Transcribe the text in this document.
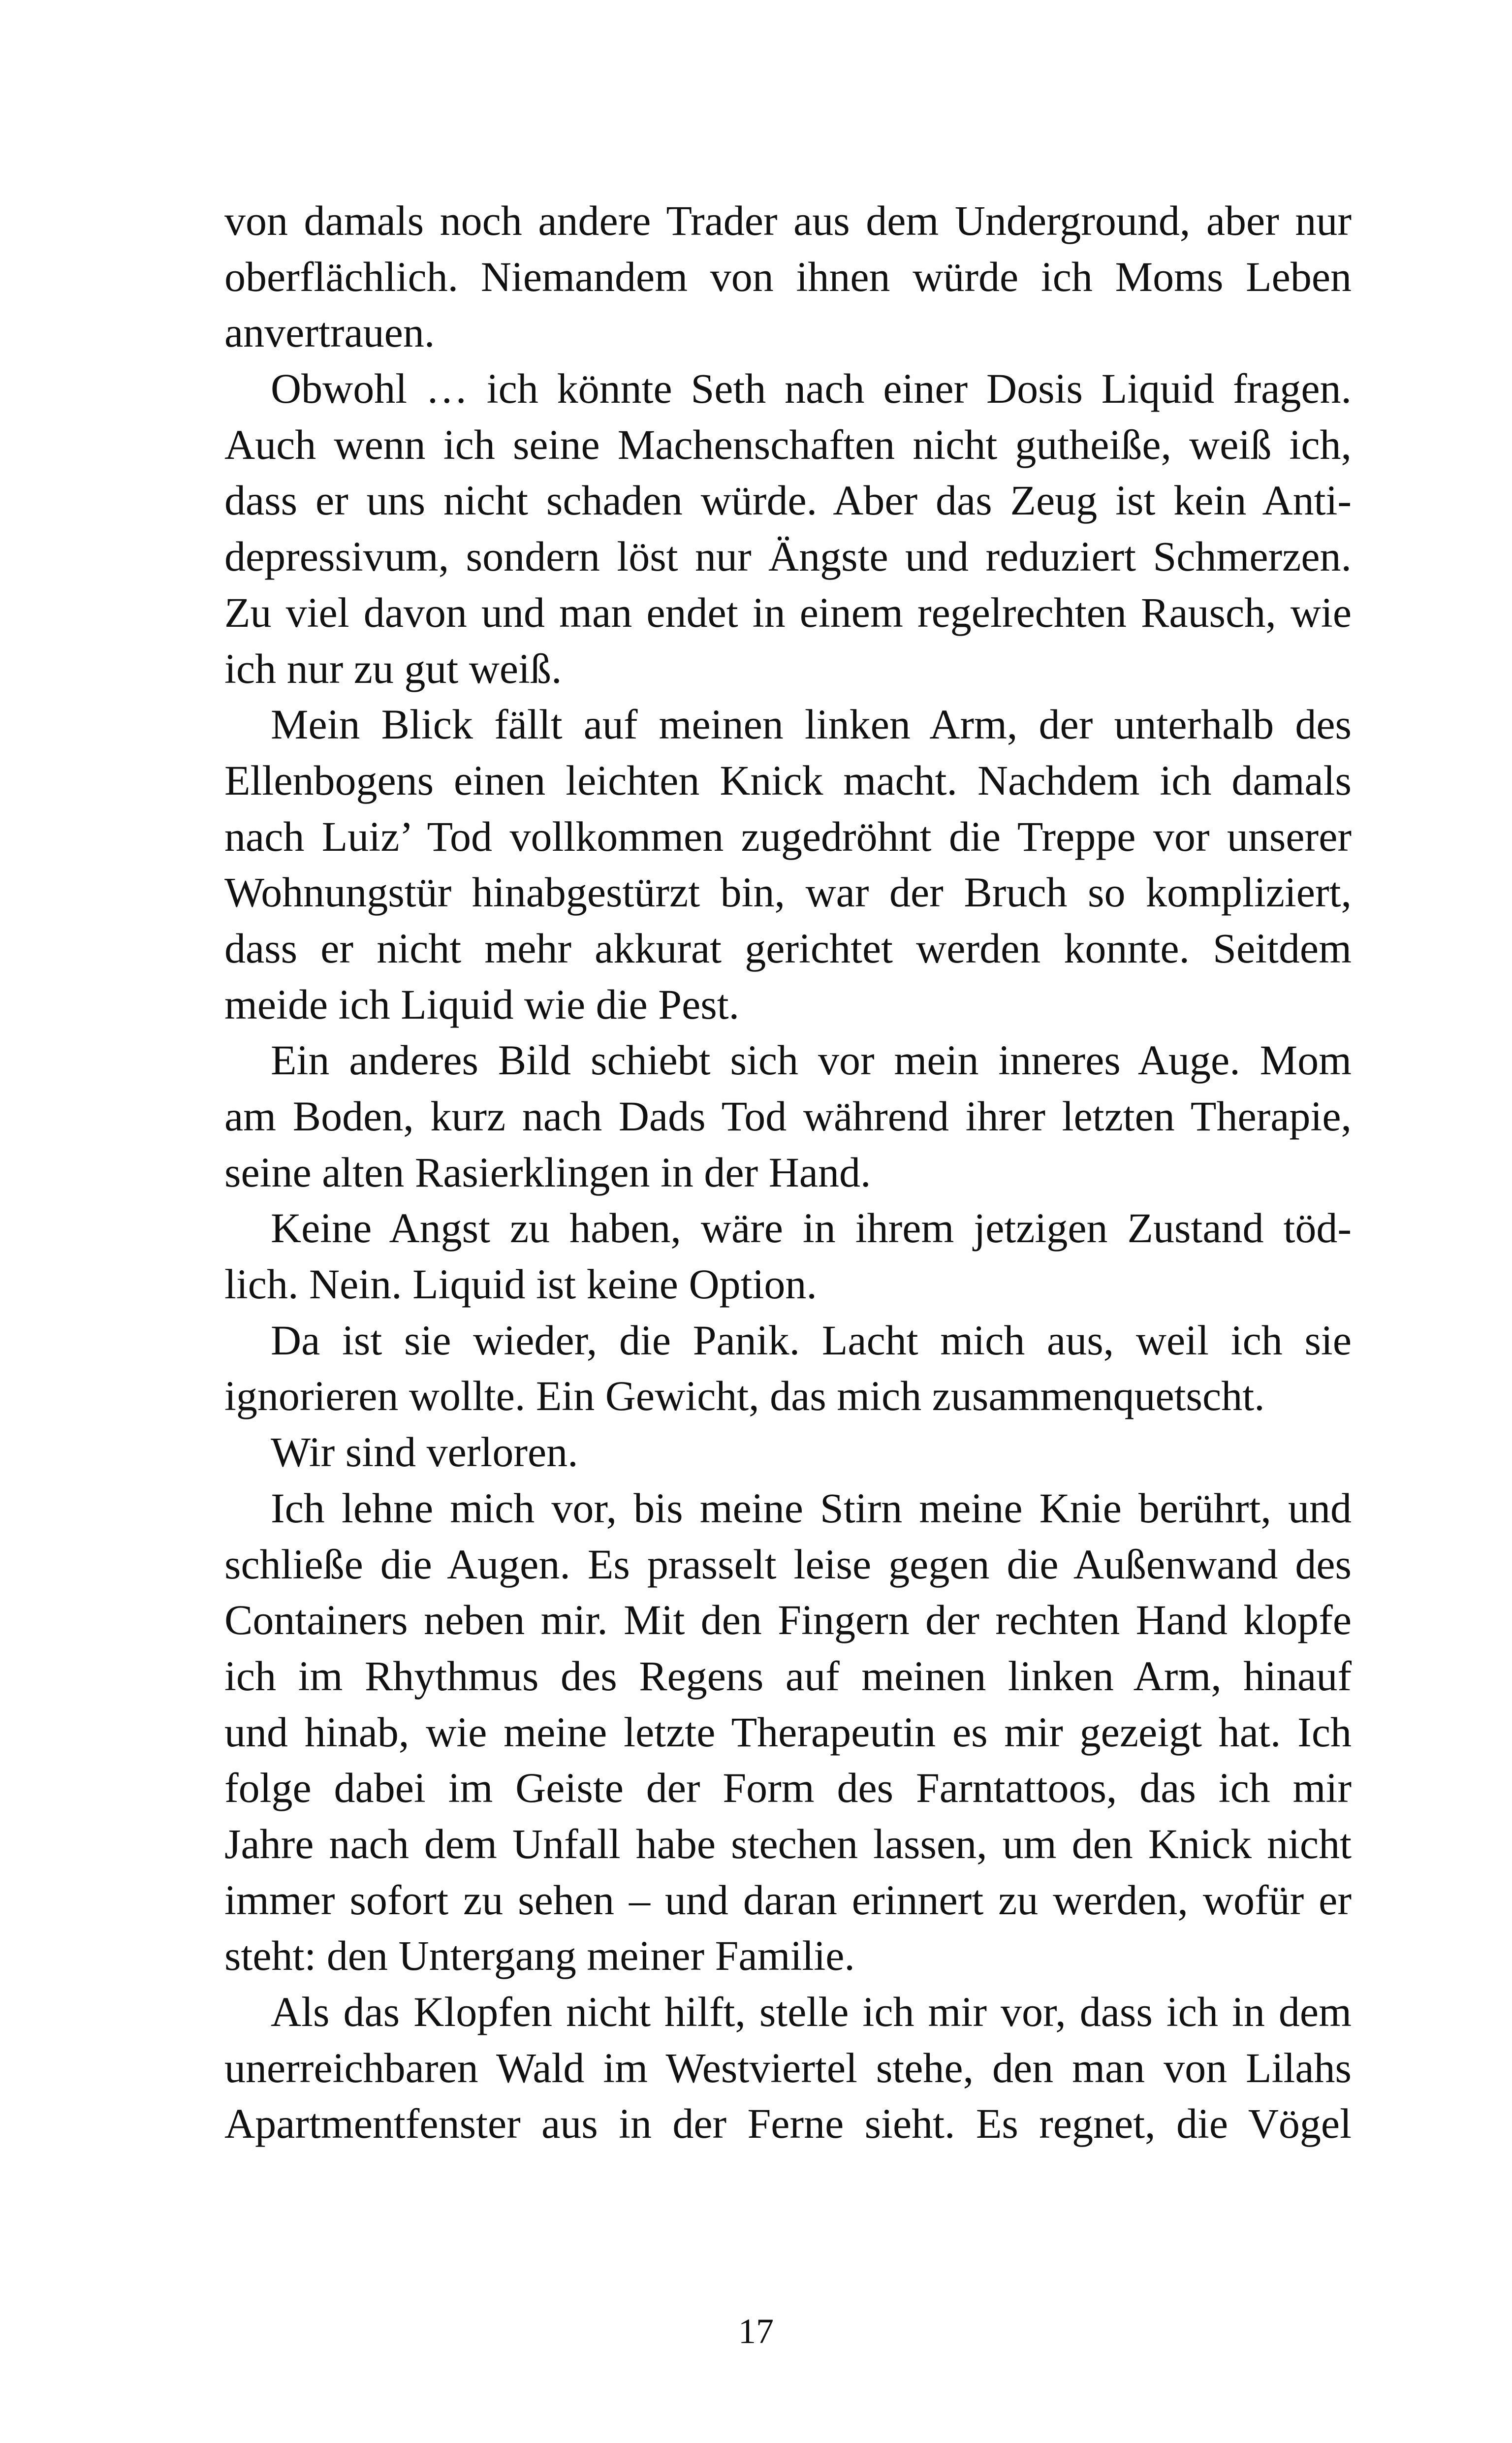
von damals noch andere Trader aus dem Underground, aber nur
oberflächlich. Niemandem von ihnen würde ich Moms Leben
anvertrauen.
Obwohl … ich könnte Seth nach einer Dosis Liquid fragen.
Auch wenn ich seine Machenschaften nicht gutheiße, weiß ich,
dass er uns nicht schaden würde. Aber das Zeug ist kein Anti-
depressivum, sondern löst nur Ängste und reduziert Schmerzen.
Zu viel davon und man endet in einem regelrechten Rausch, wie
ich nur zu gut weiß.
Mein Blick fällt auf meinen linken Arm, der unterhalb des
Ellenbogens einen leichten Knick macht. Nachdem ich damals
nach Luiz’ Tod vollkommen zugedröhnt die Treppe vor unserer
Wohnungstür hinabgestürzt bin, war der Bruch so kompliziert,
dass er nicht mehr akkurat gerichtet werden konnte. Seitdem
meide ich Liquid wie die Pest.
Ein anderes Bild schiebt sich vor mein inneres Auge. Mom
am Boden, kurz nach Dads Tod während ihrer letzten Therapie,
seine alten Rasierklingen in der Hand.
Keine Angst zu haben, wäre in ihrem jetzigen Zustand töd-
lich. Nein. Liquid ist keine Option.
Da ist sie wieder, die Panik. Lacht mich aus, weil ich sie
ignorieren wollte. Ein Gewicht, das mich zusammenquetscht.
Wir sind verloren.
Ich lehne mich vor, bis meine Stirn meine Knie berührt, und
schließe die Augen. Es prasselt leise gegen die Außenwand des
Containers neben mir. Mit den Fingern der rechten Hand klopfe
ich im Rhythmus des Regens auf meinen linken Arm, hinauf
und hinab, wie meine letzte Therapeutin es mir gezeigt hat. Ich
folge dabei im Geiste der Form des Farntattoos, das ich mir
Jahre nach dem Unfall habe stechen lassen, um den Knick nicht
immer sofort zu sehen – und daran erinnert zu werden, wofür er
steht: den Untergang meiner Familie.
Als das Klopfen nicht hilft, stelle ich mir vor, dass ich in dem
unerreichbaren Wald im Westviertel stehe, den man von Lilahs
Apartmentfenster aus in der Ferne sieht. Es regnet, die Vögel
17
